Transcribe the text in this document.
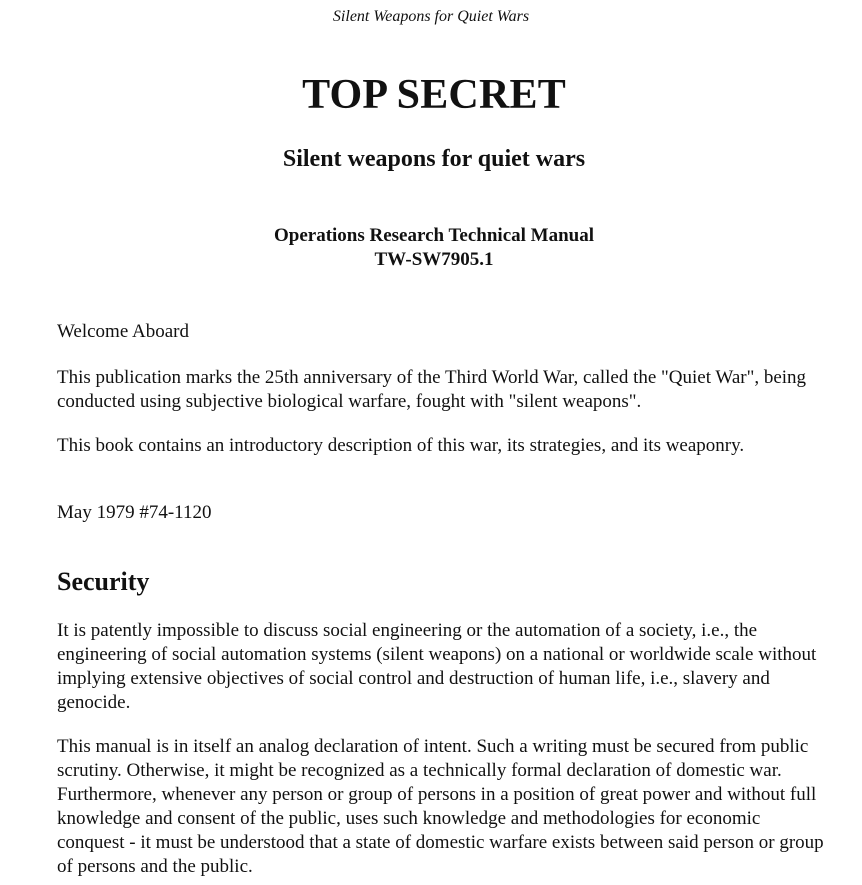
Silent Weapons for Quiet Wars
TOP SECRET
Silent weapons for quiet wars
Operations Research Technical Manual
TW-SW7905.1

Welcome Aboard

This publication marks the 25th anniversary of the Third World War, called the "Quiet War", being conducted using subjective biological warfare, fought with "silent weapons".

This book contains an introductory description of this war, its strategies, and its weaponry.

May 1979 #74-1120

Security

It is patently impossible to discuss social engineering or the automation of a society, i.e., the engineering of social automation systems (silent weapons) on a national or worldwide scale without implying extensive objectives of social control and destruction of human life, i.e., slavery and genocide.

This manual is in itself an analog declaration of intent. Such a writing must be secured from public scrutiny. Otherwise, it might be recognized as a technically formal declaration of domestic war. Furthermore, whenever any person or group of persons in a position of great power and without full knowledge and consent of the public, uses such knowledge and methodologies for economic conquest - it must be understood that a state of domestic warfare exists between said person or group of persons and the public.
